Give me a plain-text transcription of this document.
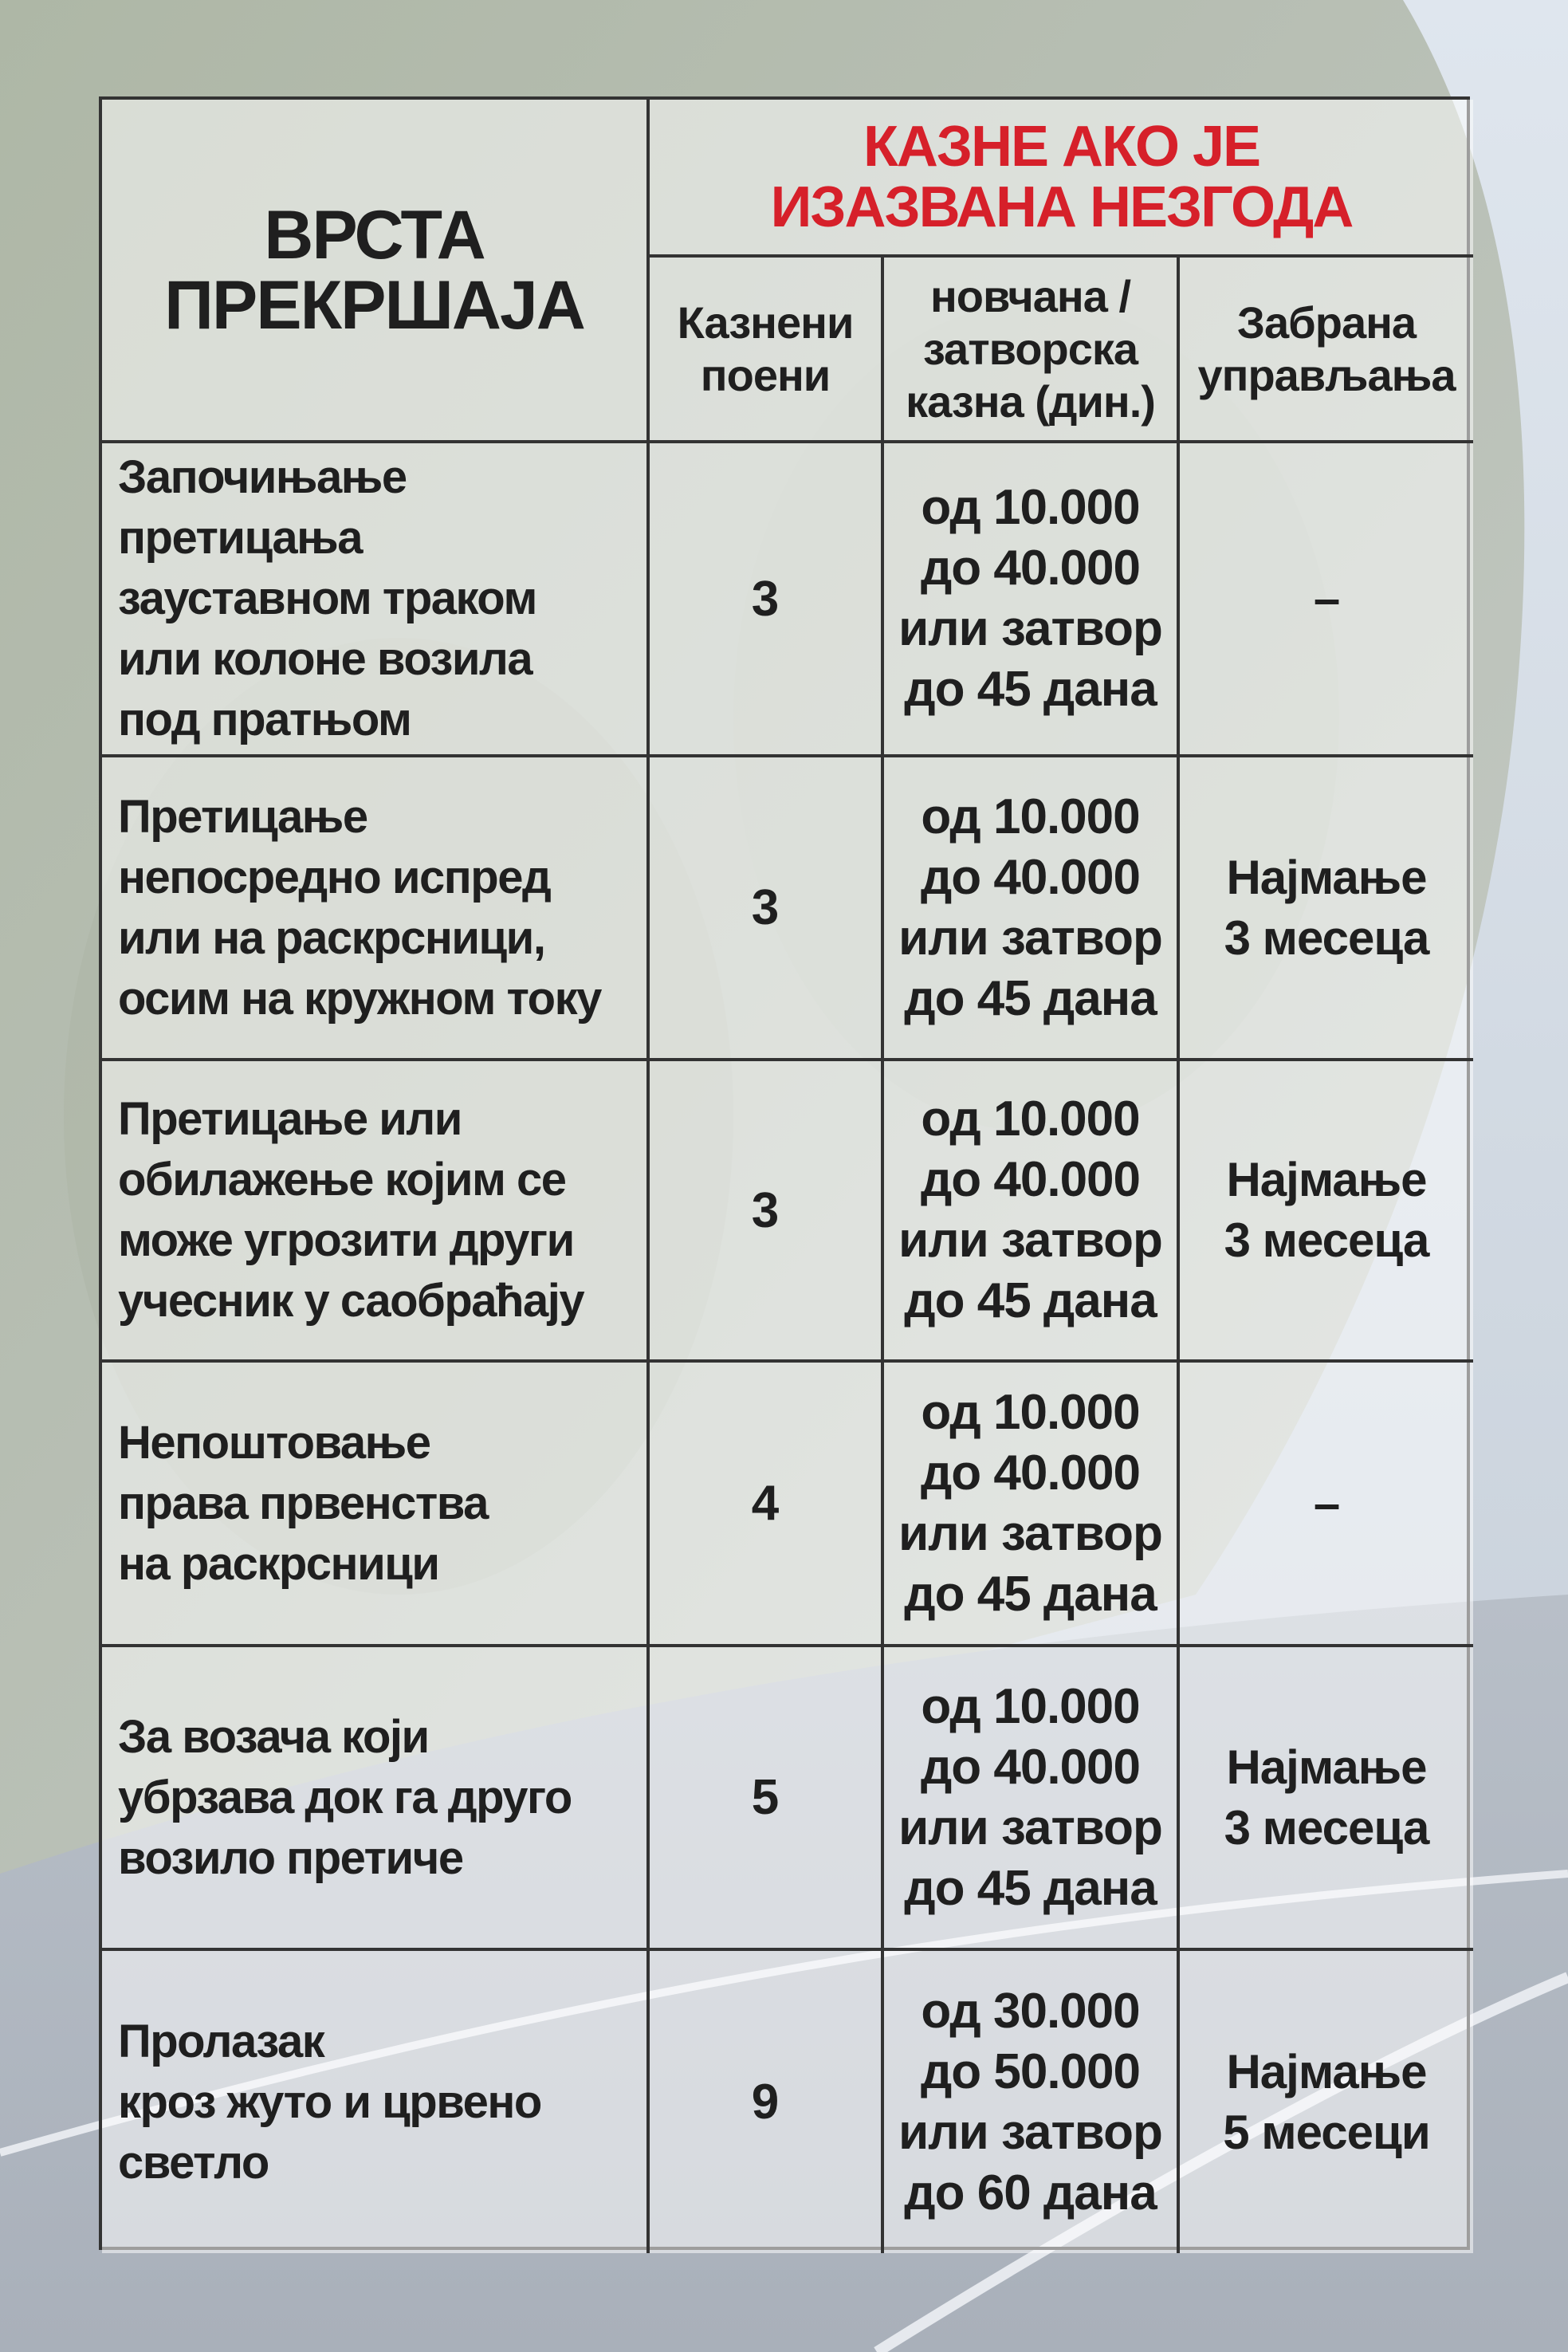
ВРСТА
ПРЕКРШАЈА
КАЗНЕ АКО ЈЕ
ИЗАЗВАНА НЕЗГОДА
Казнени
поени
новчана /
затворска
казна (дин.)
Забрана
управљања
Започињање
претицања
зауставном траком
или колоне возила
под пратњом
3
од 10.000
до 40.000
или затвор
до 45 дана
–
Претицање
непосредно испред
или на раскрсници,
осим на кружном току
3
од 10.000
до 40.000
или затвор
до 45 дана
Најмање
3 месеца
Претицање или
обилажење којим се
може угрозити други
учесник у саобраћају
3
од 10.000
до 40.000
или затвор
до 45 дана
Најмање
3 месеца
Непоштовање
права првенства
на раскрсници
4
од 10.000
до 40.000
или затвор
до 45 дана
–
За возача који
убрзава док га друго
возило претиче
5
од 10.000
до 40.000
или затвор
до 45 дана
Најмање
3 месеца
Пролазак
кроз жуто и црвено
светло
9
од 30.000
до 50.000
или затвор
до 60 дана
Најмање
5 месеци
